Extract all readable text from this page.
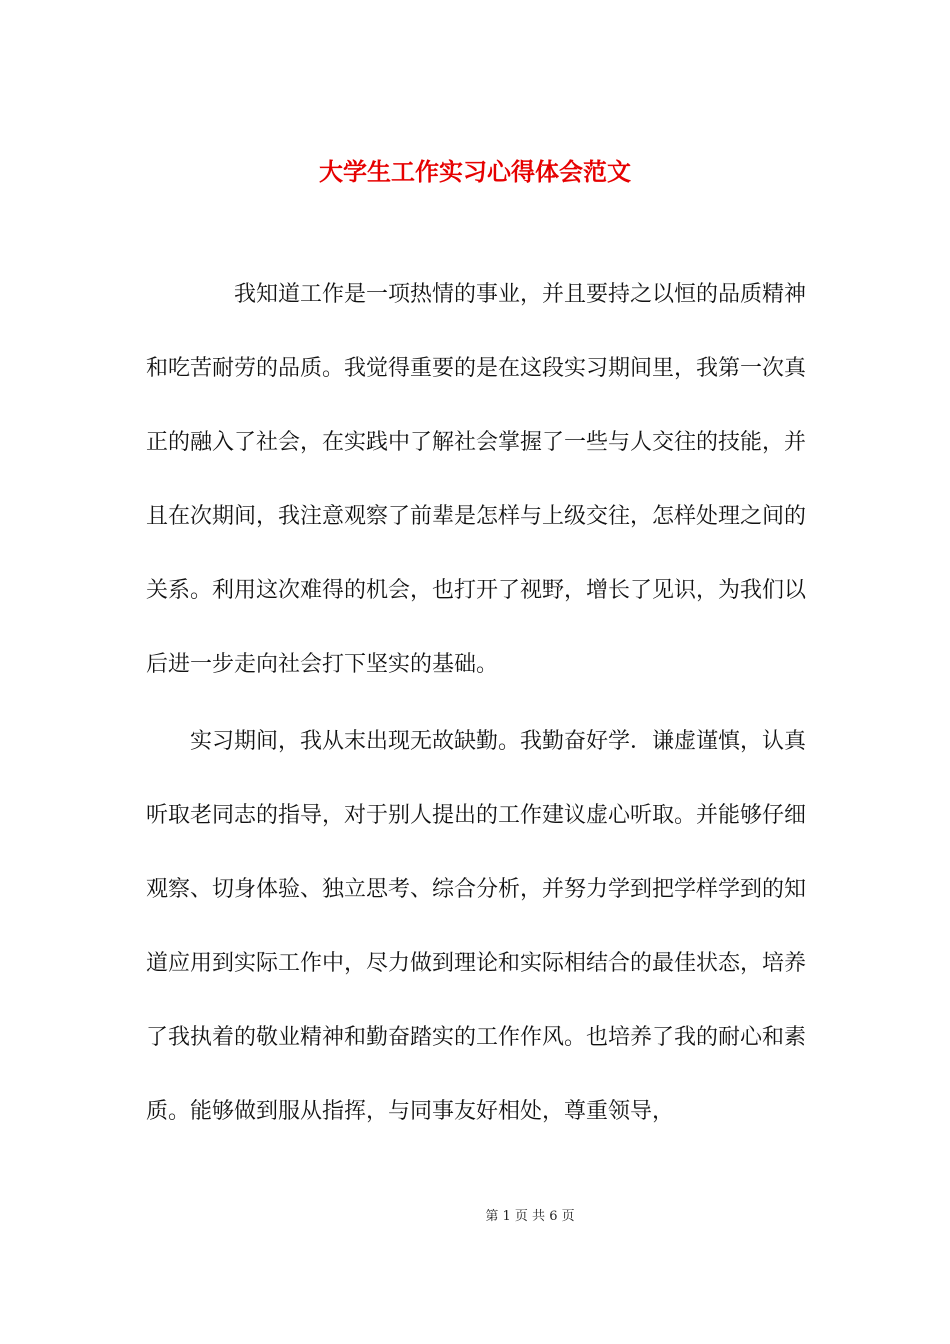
大学生工作实习心得体会范文

我知道工作是一项热情的事业，并且要持之以恒的品质精神和吃苦耐劳的品质。我觉得重要的是在这段实习期间里，我第一次真正的融入了社会，在实践中了解社会掌握了一些与人交往的技能，并且在次期间，我注意观察了前辈是怎样与上级交往，怎样处理之间的关系。利用这次难得的机会，也打开了视野，增长了见识，为我们以后进一步走向社会打下坚实的基础。

实习期间，我从末出现无故缺勤。我勤奋好学．谦虚谨慎，认真听取老同志的指导，对于别人提出的工作建议虚心听取。并能够仔细观察、切身体验、独立思考、综合分析，并努力学到把学样学到的知道应用到实际工作中，尽力做到理论和实际相结合的最佳状态，培养了我执着的敬业精神和勤奋踏实的工作作风。也培养了我的耐心和素质。能够做到服从指挥，与同事友好相处，尊重领导，

第 1 页 共 6 页
